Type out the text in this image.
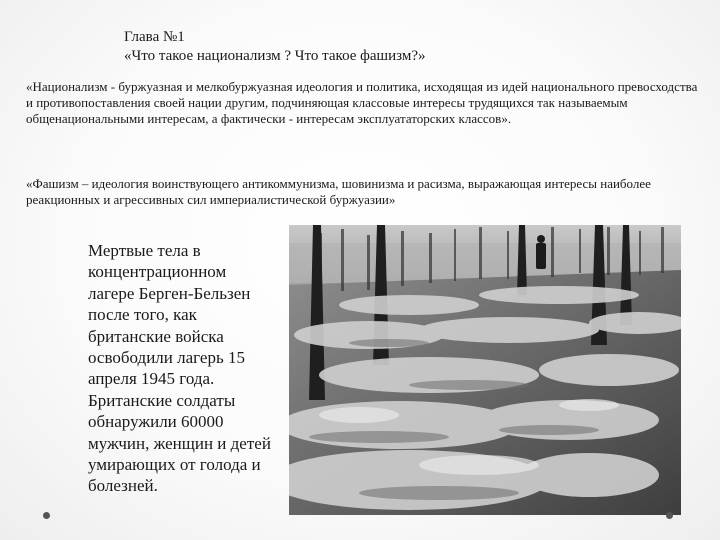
Глава №1
«Что такое национализм ? Что такое фашизм?»
«Национализм - буржуазная и мелкобуржуазная идеология и политика, исходящая из идей национального превосходства и противопоставления своей нации другим, подчиняющая классовые интересы трудящихся так называемым общенациональными интересам, а фактически - интересам эксплуататорских классов».
«Фашизм – идеология воинствующего антикоммунизма, шовинизма и расизма, выражающая интересы наиболее реакционных и агрессивных сил империалистической буржуазии»
Мертвые тела в
концентрационном
лагере Берген-Бельзен
после того, как
британские войска
освободили лагерь 15
апреля 1945 года.
Британские солдаты
обнаружили 60000
мужчин, женщин и детей
умирающих от голода и
болезней.
